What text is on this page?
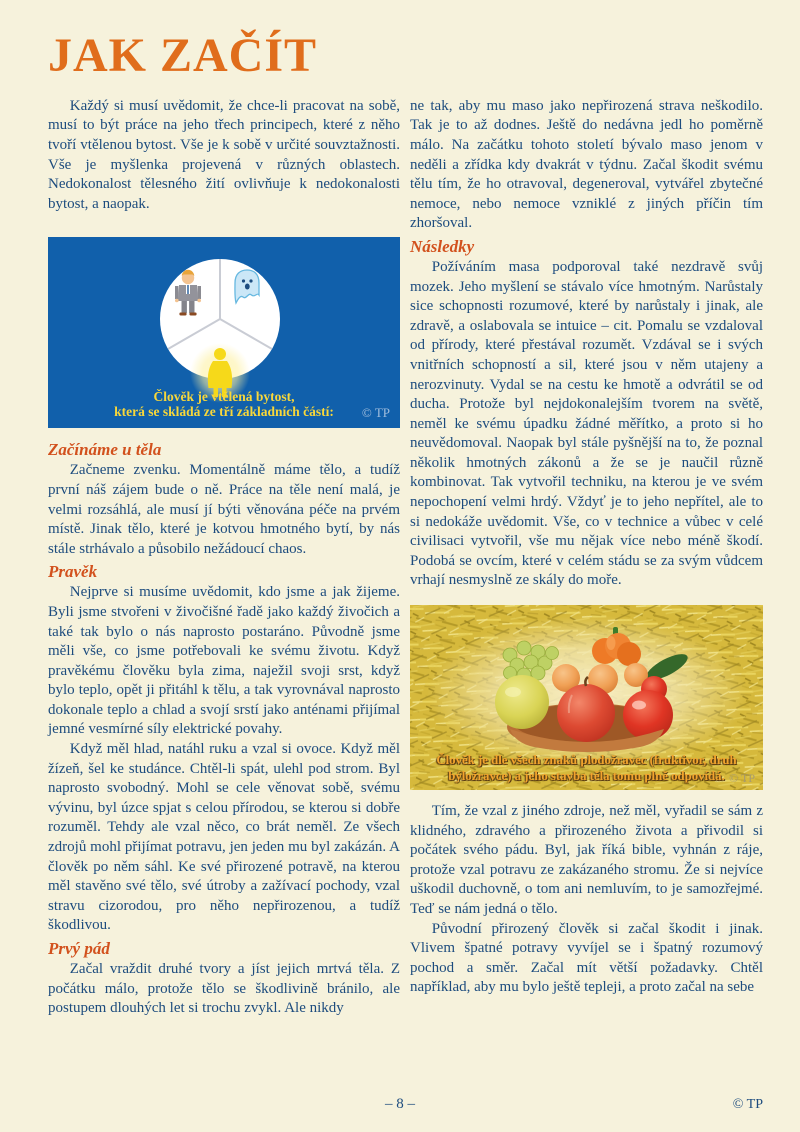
JAK ZAČÍT

Každý si musí uvědomit, že chce-li pracovat na sobě, musí to být práce na jeho třech principech, které z něho tvoří vtělenou bytost. Vše je k sobě v určité souvztažnosti. Vše je myšlenka projevená v různých oblastech. Nedokonalost tělesného žití ovlivňuje k nedokonalosti bytost, a naopak.

Člověk je vtělená bytost,
která se skládá ze tří základních částí:	© TP
Začínáme u těla

Začneme zvenku. Momentálně máme tělo, a tudíž první náš zájem bude o ně. Práce na těle není malá, je velmi rozsáhlá, ale musí jí býti věnována péče na prvém místě. Jinak tělo, které je kotvou hmotného bytí, by nás stále strhávalo a působilo nežádoucí chaos.

Pravěk

Nejprve si musíme uvědomit, kdo jsme a jak žijeme. Byli jsme stvořeni v živočišné řadě jako každý živočich a také tak bylo o nás naprosto postaráno. Původně jsme měli vše, co jsme potřebovali ke svému životu. Když pravěkému člověku byla zima, naježil svoji srst, když bylo teplo, opět ji přitáhl k tělu, a tak vyrovnával naprosto dokonale teplo a chlad a svojí srstí jako anténami přijímal jemné vesmírné síly elektrické povahy.

Když měl hlad, natáhl ruku a vzal si ovoce. Když měl žízeň, šel ke studánce. Chtěl-li spát, ulehl pod strom. Byl naprosto svobodný. Mohl se cele věnovat sobě, svému vývinu, byl úzce spjat s celou přírodou, se kterou si dobře rozuměl. Tehdy ale vzal něco, co brát neměl. Ze všech zdrojů mohl přijímat potravu, jen jeden mu byl zakázán. A člověk po něm sáhl. Ke své přirozené potravě, na kterou měl stavěno své tělo, své útroby a zažívací pochody, vzal stravu cizorodou, pro něho nepřirozenou, a tudíž škodlivou.

Prvý pád

Začal vraždit druhé tvory a jíst jejich mrtvá těla. Z počátku málo, protože tělo se škodlivině bránilo, ale postupem dlouhých let si trochu zvykl. Ale nikdy

ne tak, aby mu maso jako nepřirozená strava neškodilo. Tak je to až dodnes. Ještě do nedávna jedl ho poměrně málo. Na začátku tohoto století bývalo maso jenom v neděli a zřídka kdy dvakrát v týdnu. Začal škodit svému tělu tím, že ho otravoval, degeneroval, vytvářel zbytečné nemoce, nebo nemoce vzniklé z jiných příčin tím zhoršoval.

Následky

Požíváním masa podporoval také nezdravě svůj mozek. Jeho myšlení se stávalo více hmotným. Narůstaly sice schopnosti rozumové, které by narůstaly i jinak, ale zdravě, a oslabovala se intuice – cit. Pomalu se vzdaloval od přírody, které přestával rozumět. Vzdával se i svých vnitřních schopností a sil, které jsou v něm utajeny a nerozvinuty. Vydal se na cestu ke hmotě a odvrátil se od ducha. Protože byl nejdokonalejším tvorem na světě, neměl ke svému úpadku žádné měřítko, a proto si ho neuvědomoval. Naopak byl stále pyšnější na to, že poznal několik hmotných zákonů a že se je naučil různě kombinovat. Tak vytvořil techniku, na kterou je ve svém nepochopení velmi hrdý. Vždyť je to jeho nepřítel, ale to si nedokáže uvědomit. Vše, co v technice a vůbec v celé civilisaci vytvořil, vše mu nějak více nebo méně škodí. Podobá se ovcím, které v celém stádu se za svým vůdcem vrhají nesmyslně ze skály do moře.

Člověk je dle všech znaků plodožravec (fruktivor, druh
býložravce) a jeho stavba těla tomu plně odpovídá. © TP

Tím, že vzal z jiného zdroje, než měl, vyřadil se sám z klidného, zdravého a přirozeného života a přivodil si počátek svého pádu. Byl, jak říká bible, vyhnán z ráje, protože vzal potravu ze zakázaného stromu. Že si nejvíce uškodil duchovně, o tom ani nemluvím, to je samozřejmé. Teď se nám jedná o tělo.

Původní přirozený člověk si začal škodit i jinak. Vlivem špatné potravy vyvíjel se i špatný rozumový pochod a směr. Začal mít větší požadavky. Chtěl například, aby mu bylo ještě tepleji, a proto začal na sebe

– 8 –	© TP
